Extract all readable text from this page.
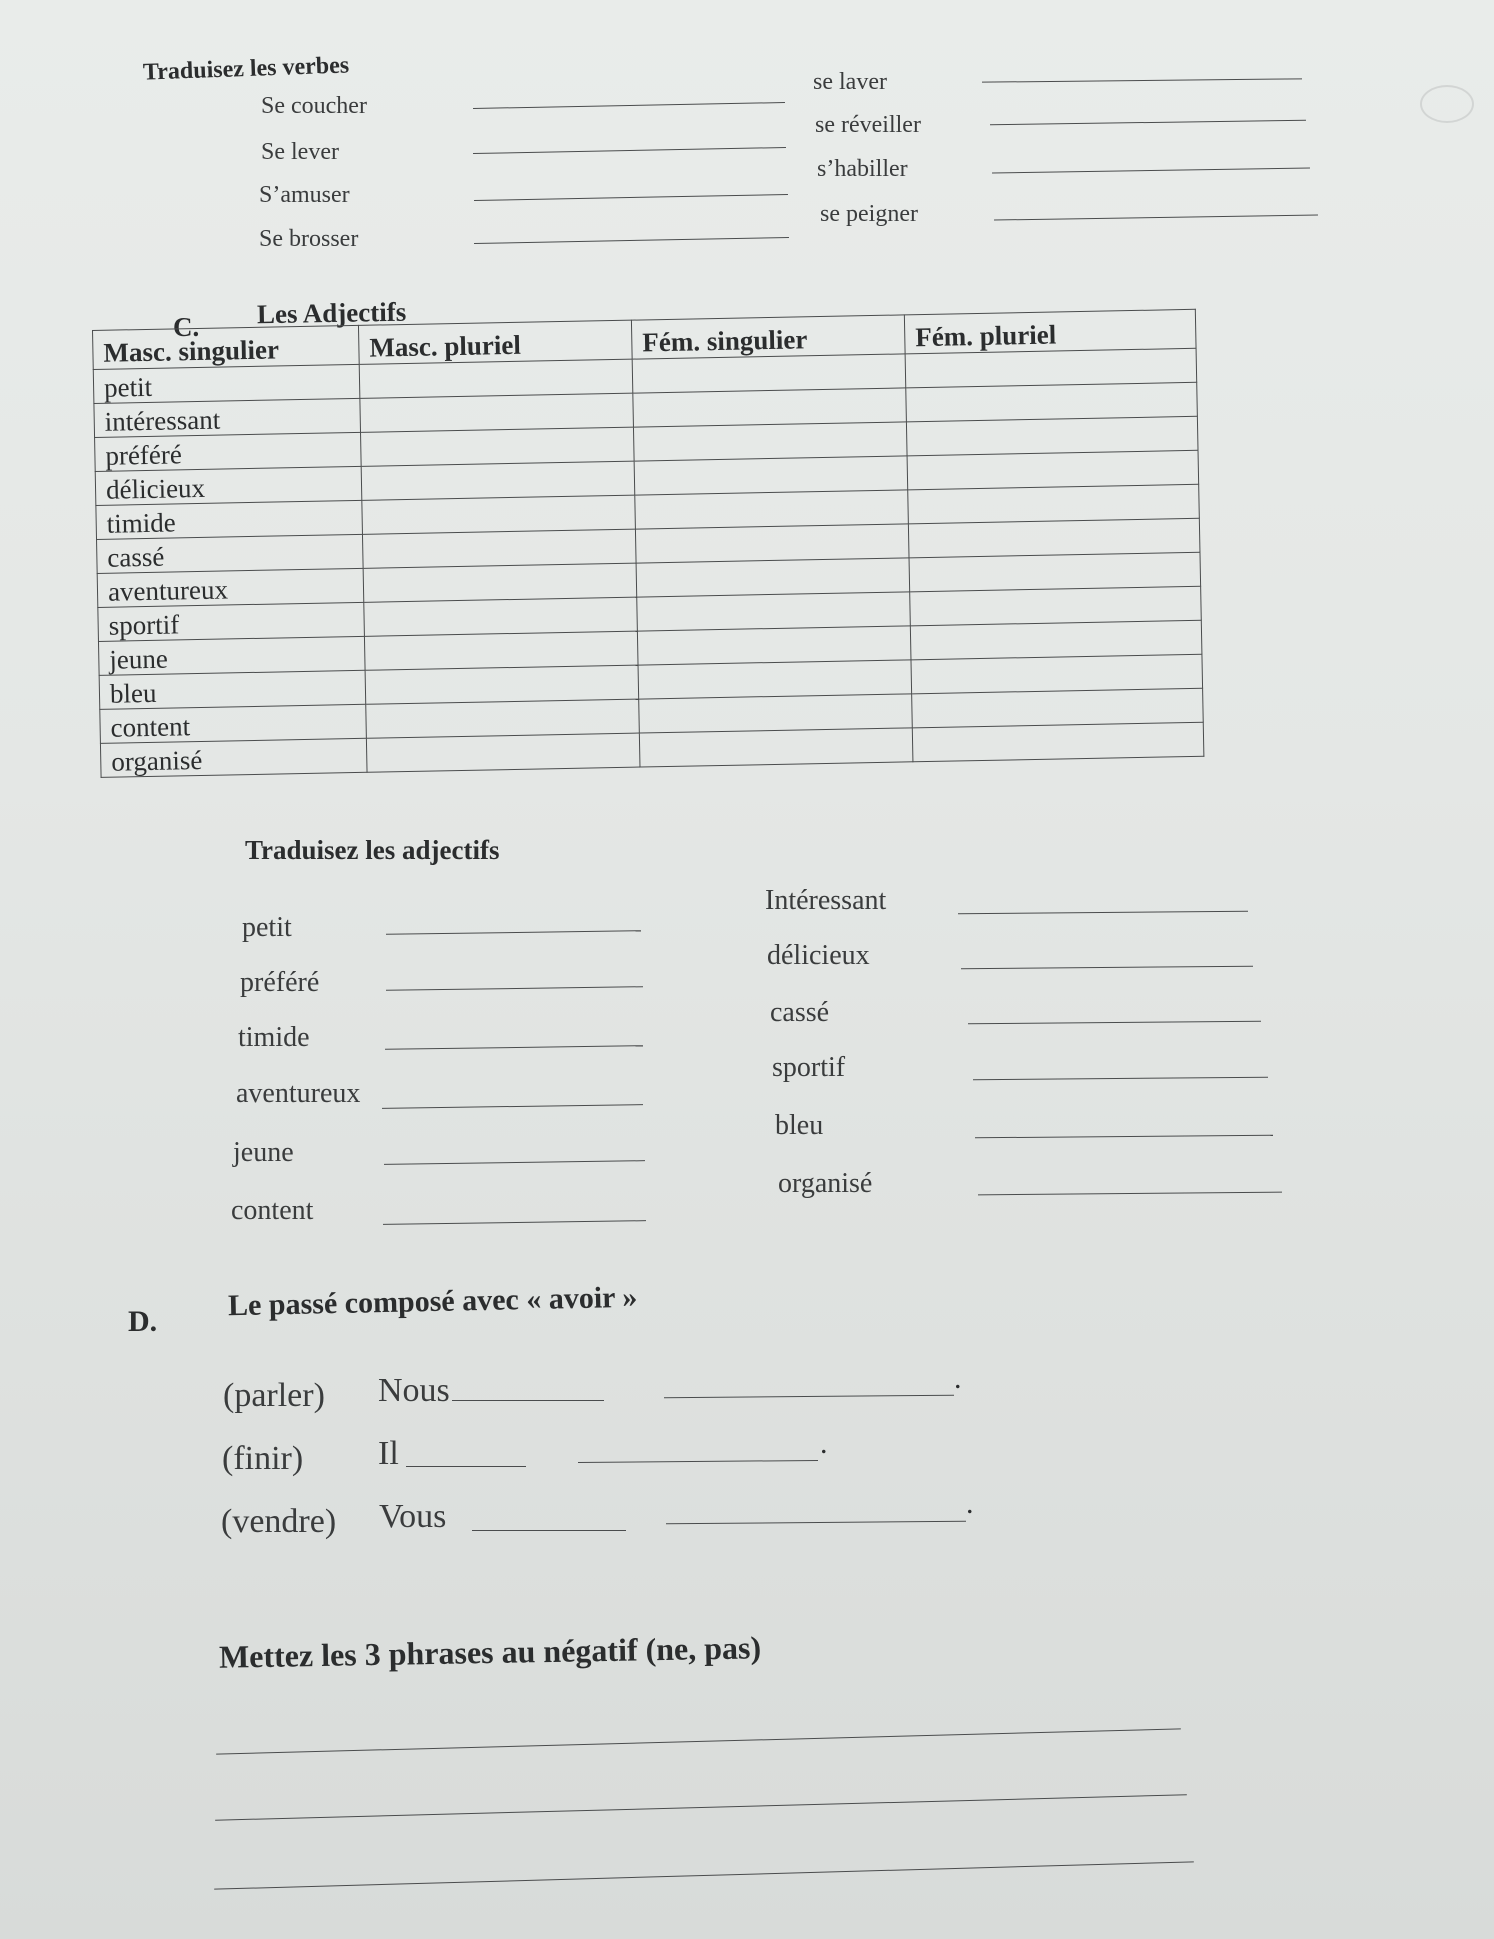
Traduisez les verbes
Se coucher
Se lever
S’amuser
Se brosser
se laver
se réveiller
s’habiller
se peigner
C. Les Adjectifs
Masc. singulier	Masc. pluriel	Fém. singulier	Fém. pluriel
petit			
intéressant			
préféré			
délicieux			
timide			
cassé			
aventureux			
sportif			
jeune			
bleu			
content			
organisé			
Traduisez les adjectifs
petit
préféré
timide
aventureux
jeune
content
Intéressant
délicieux
cassé
sportif
bleu
organisé
D. Le passé composé avec « avoir »
(parler) Nous	.
(finir) Il	.
(vendre) Vous	.
Mettez les 3 phrases au négatif (ne, pas)
